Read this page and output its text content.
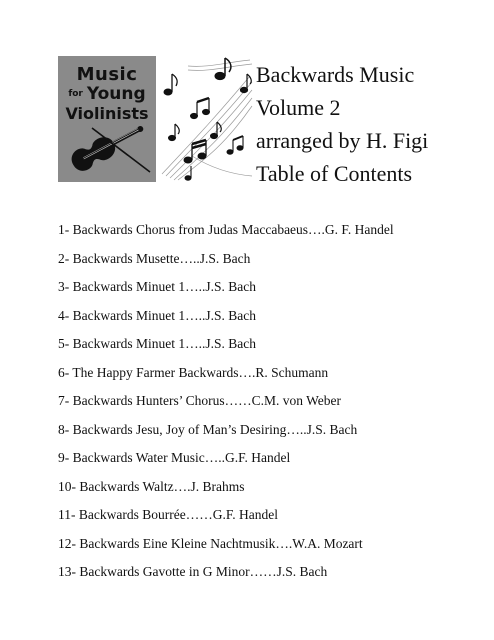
Music
for Young
Violinists
Backwards Music
Volume 2
arranged by H. Figi
Table of Contents
1- Backwards Chorus from Judas Maccabaeus….G. F. Handel
2- Backwards Musette…..J.S. Bach
3- Backwards Minuet 1…..J.S. Bach
4- Backwards Minuet 1…..J.S. Bach
5- Backwards Minuet 1…..J.S. Bach
6- The Happy Farmer Backwards….R. Schumann
7- Backwards Hunters’ Chorus……C.M. von Weber
8- Backwards Jesu, Joy of Man’s Desiring…..J.S. Bach
9- Backwards Water Music…..G.F. Handel
10- Backwards Waltz….J. Brahms
11- Backwards Bourrée……G.F. Handel
12- Backwards Eine Kleine Nachtmusik….W.A. Mozart
13- Backwards Gavotte in G Minor……J.S. Bach
